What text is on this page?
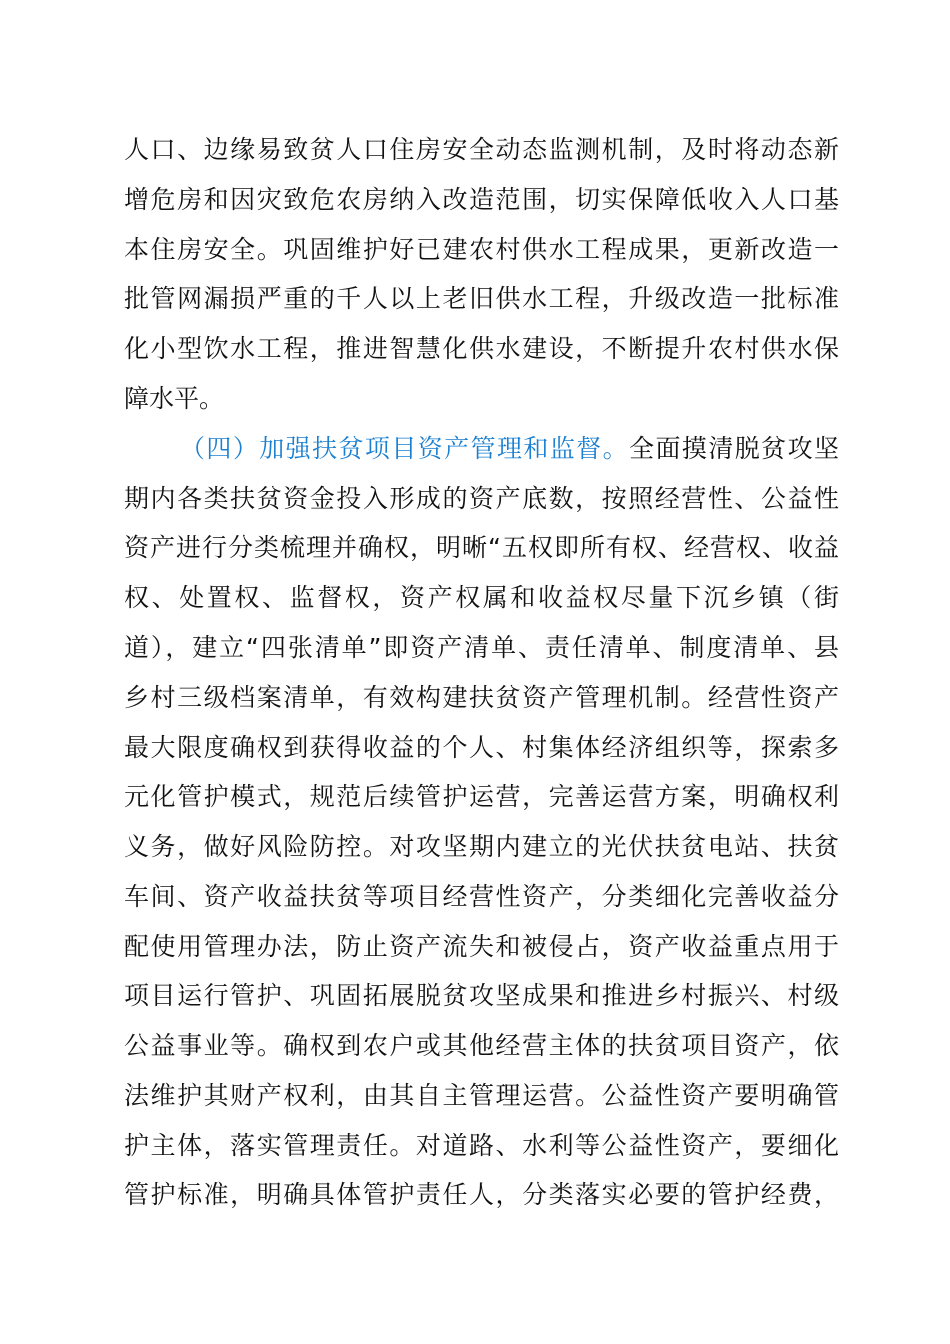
人口、边缘易致贫人口住房安全动态监测机制，及时将动态新
增危房和因灾致危农房纳入改造范围，切实保障低收入人口基
本住房安全。巩固维护好已建农村供水工程成果，更新改造一
批管网漏损严重的千人以上老旧供水工程，升级改造一批标准
化小型饮水工程，推进智慧化供水建设，不断提升农村供水保
障水平。
（四）加强扶贫项目资产管理和监督。全面摸清脱贫攻坚
期内各类扶贫资金投入形成的资产底数，按照经营性、公益性
资产进行分类梳理并确权，明晰“五权即所有权、经营权、收益
权、处置权、监督权，资产权属和收益权尽量下沉乡镇（街
道），建立“四张清单”即资产清单、责任清单、制度清单、县
乡村三级档案清单，有效构建扶贫资产管理机制。经营性资产
最大限度确权到获得收益的个人、村集体经济组织等，探索多
元化管护模式，规范后续管护运营，完善运营方案，明确权利
义务，做好风险防控。对攻坚期内建立的光伏扶贫电站、扶贫
车间、资产收益扶贫等项目经营性资产，分类细化完善收益分
配使用管理办法，防止资产流失和被侵占，资产收益重点用于
项目运行管护、巩固拓展脱贫攻坚成果和推进乡村振兴、村级
公益事业等。确权到农户或其他经营主体的扶贫项目资产，依
法维护其财产权利，由其自主管理运营。公益性资产要明确管
护主体，落实管理责任。对道路、水利等公益性资产，要细化
管护标准，明确具体管护责任人，分类落实必要的管护经费，
